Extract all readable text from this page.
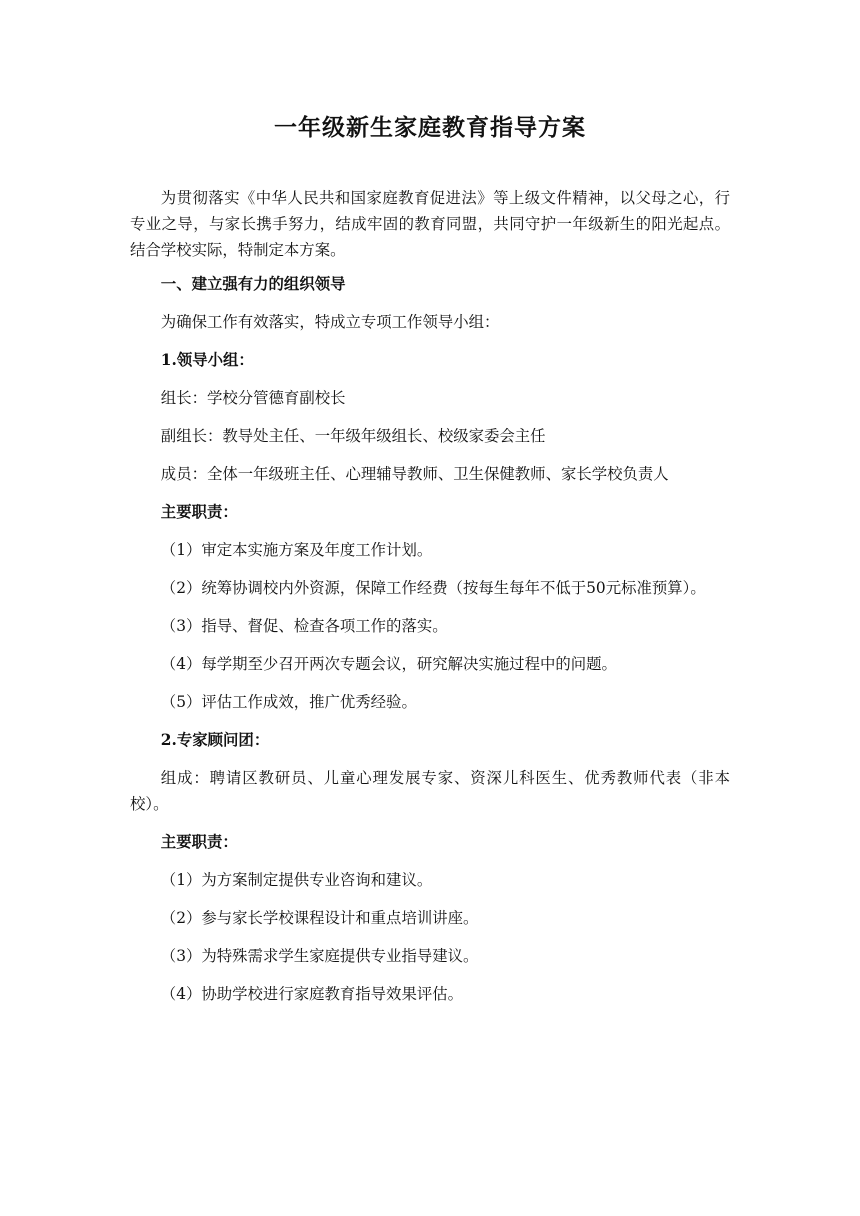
一年级新生家庭教育指导方案

为贯彻落实《中华人民共和国家庭教育促进法》等上级文件精神，以父母之心，行专业之导，与家长携手努力，结成牢固的教育同盟，共同守护一年级新生的阳光起点。结合学校实际，特制定本方案。

一、建立强有力的组织领导

为确保工作有效落实，特成立专项工作领导小组：

1.领导小组：

组长：学校分管德育副校长

副组长：教导处主任、一年级年级组长、校级家委会主任

成员：全体一年级班主任、心理辅导教师、卫生保健教师、家长学校负责人

主要职责：

（1）审定本实施方案及年度工作计划。

（2）统筹协调校内外资源，保障工作经费（按每生每年不低于50元标准预算）。

（3）指导、督促、检查各项工作的落实。

（4）每学期至少召开两次专题会议，研究解决实施过程中的问题。

（5）评估工作成效，推广优秀经验。

2.专家顾问团：

组成：聘请区教研员、儿童心理发展专家、资深儿科医生、优秀教师代表（非本校）。

主要职责：

（1）为方案制定提供专业咨询和建议。

（2）参与家长学校课程设计和重点培训讲座。

（3）为特殊需求学生家庭提供专业指导建议。

（4）协助学校进行家庭教育指导效果评估。
